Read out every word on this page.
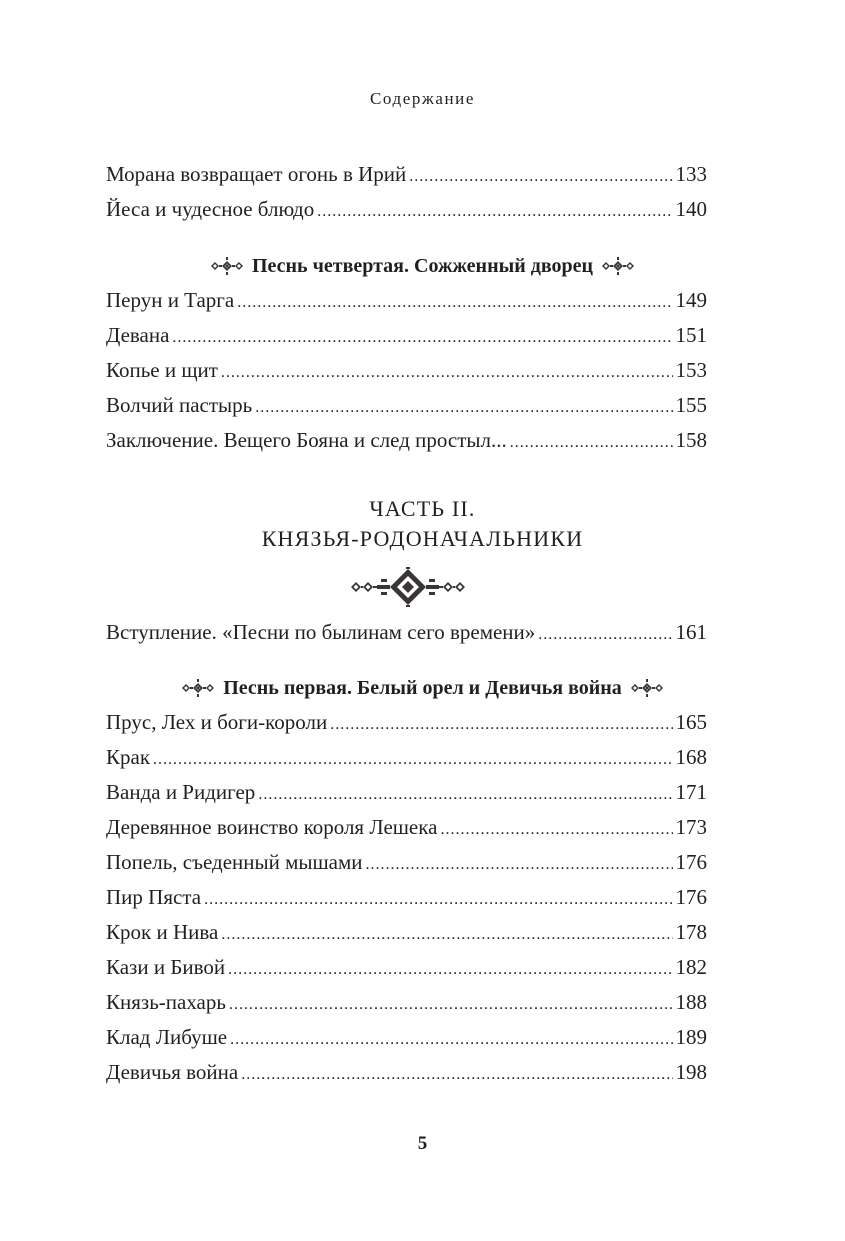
Содержание
Морана возвращает огонь в Ирий .....	133
Йеса и чудесное блюдо .....	140
Песнь четвертая. Сожженный дворец
Перун и Тарга .....	149
Девана .....	151
Копье и щит .....	153
Волчий пастырь .....	155
Заключение. Вещего Бояна и след простыл... .....	158
ЧАСТЬ II.
КНЯЗЬЯ-РОДОНАЧАЛЬНИКИ
Вступление. «Песни по былинам сего времени» .....	161
Песнь первая. Белый орел и Девичья война
Прус, Лех и боги-короли .....	165
Крак .....	168
Ванда и Ридигер .....	171
Деревянное воинство короля Лешека .....	173
Попель, съеденный мышами .....	176
Пир Пяста .....	176
Крок и Нива .....	178
Кази и Бивой .....	182
Князь-пахарь .....	188
Клад Либуше .....	189
Девичья война .....	198
5
